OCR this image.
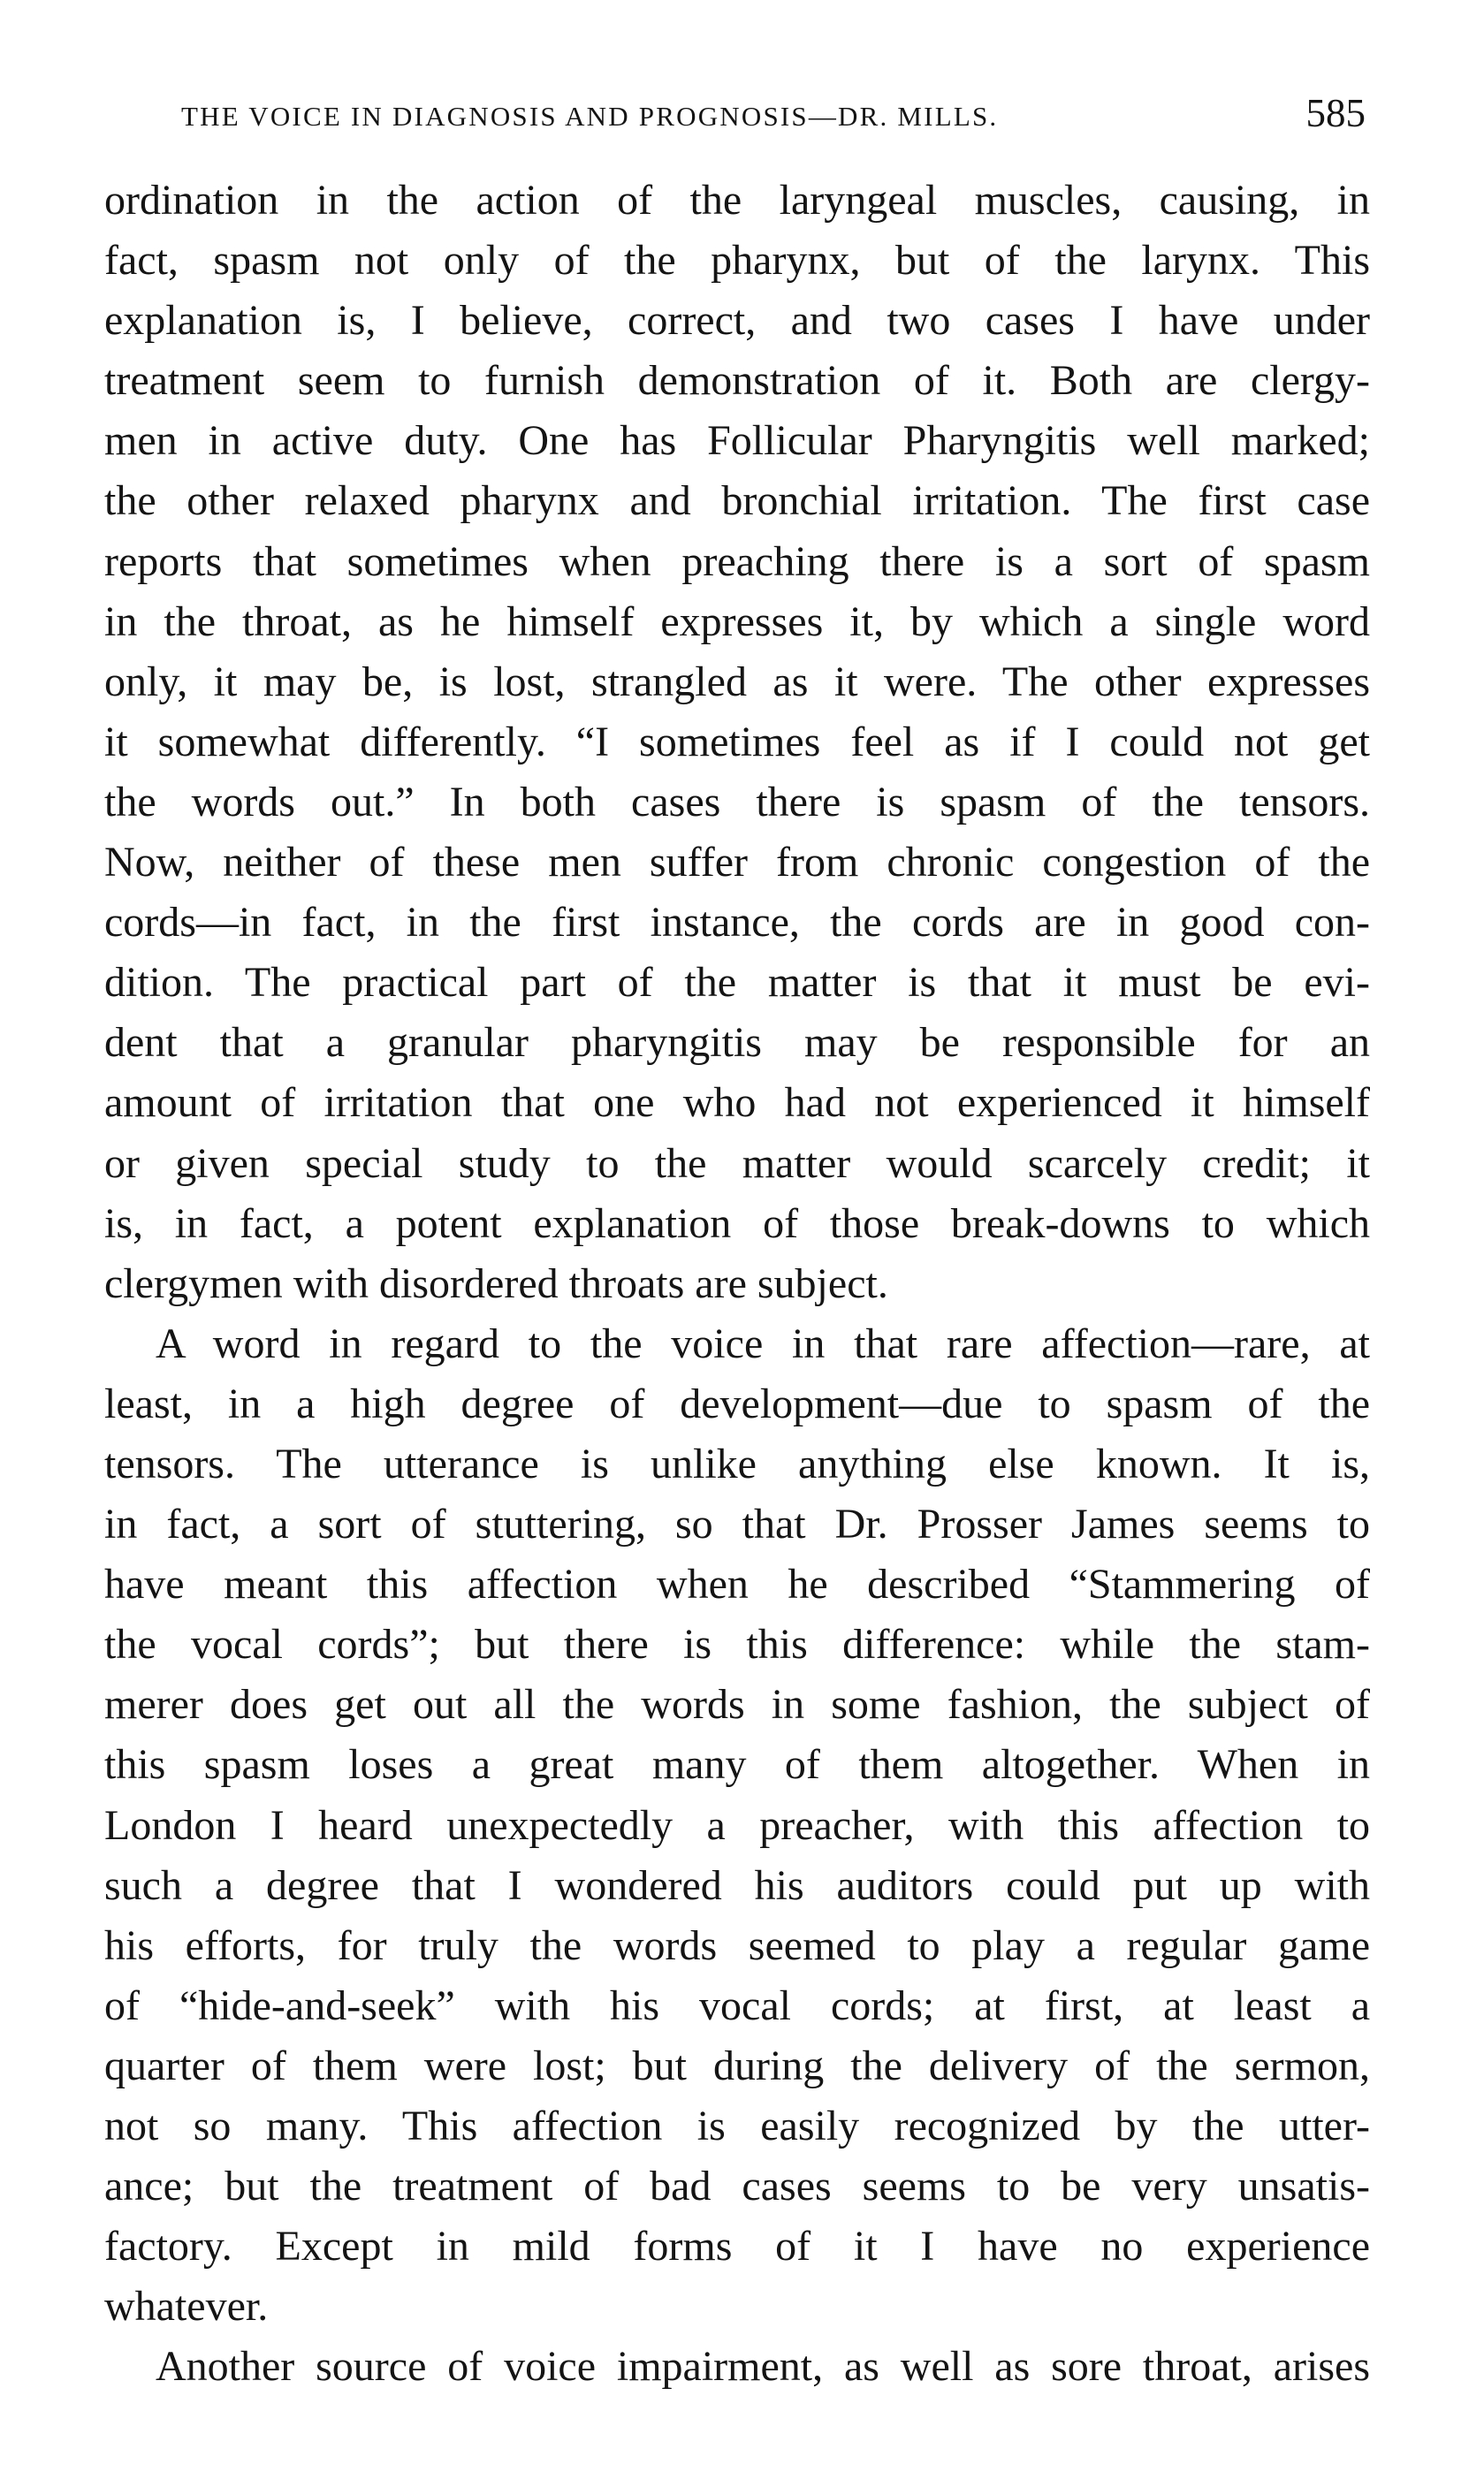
THE VOICE IN DIAGNOSIS AND PROGNOSIS—DR. MILLS.	585
ordination in the action of the laryngeal muscles, causing, in
fact, spasm not only of the pharynx, but of the larynx. This
explanation is, I believe, correct, and two cases I have under
treatment seem to furnish demonstration of it. Both are clergy-
men in active duty. One has Follicular Pharyngitis well marked;
the other relaxed pharynx and bronchial irritation. The first case
reports that sometimes when preaching there is a sort of spasm
in the throat, as he himself expresses it, by which a single word
only, it may be, is lost, strangled as it were. The other expresses
it somewhat differently. “I sometimes feel as if I could not get
the words out.” In both cases there is spasm of the tensors.
Now, neither of these men suffer from chronic congestion of the
cords—in fact, in the first instance, the cords are in good con-
dition. The practical part of the matter is that it must be evi-
dent that a granular pharyngitis may be responsible for an
amount of irritation that one who had not experienced it himself
or given special study to the matter would scarcely credit; it
is, in fact, a potent explanation of those break-downs to which
clergymen with disordered throats are subject.
A word in regard to the voice in that rare affection—rare, at
least, in a high degree of development—due to spasm of the
tensors. The utterance is unlike anything else known. It is,
in fact, a sort of stuttering, so that Dr. Prosser James seems to
have meant this affection when he described “Stammering of
the vocal cords”; but there is this difference: while the stam-
merer does get out all the words in some fashion, the subject of
this spasm loses a great many of them altogether. When in
London I heard unexpectedly a preacher, with this affection to
such a degree that I wondered his auditors could put up with
his efforts, for truly the words seemed to play a regular game
of “hide-and-seek” with his vocal cords; at first, at least a
quarter of them were lost; but during the delivery of the sermon,
not so many. This affection is easily recognized by the utter-
ance; but the treatment of bad cases seems to be very unsatis-
factory. Except in mild forms of it I have no experience
whatever.
Another source of voice impairment, as well as sore throat, arises
